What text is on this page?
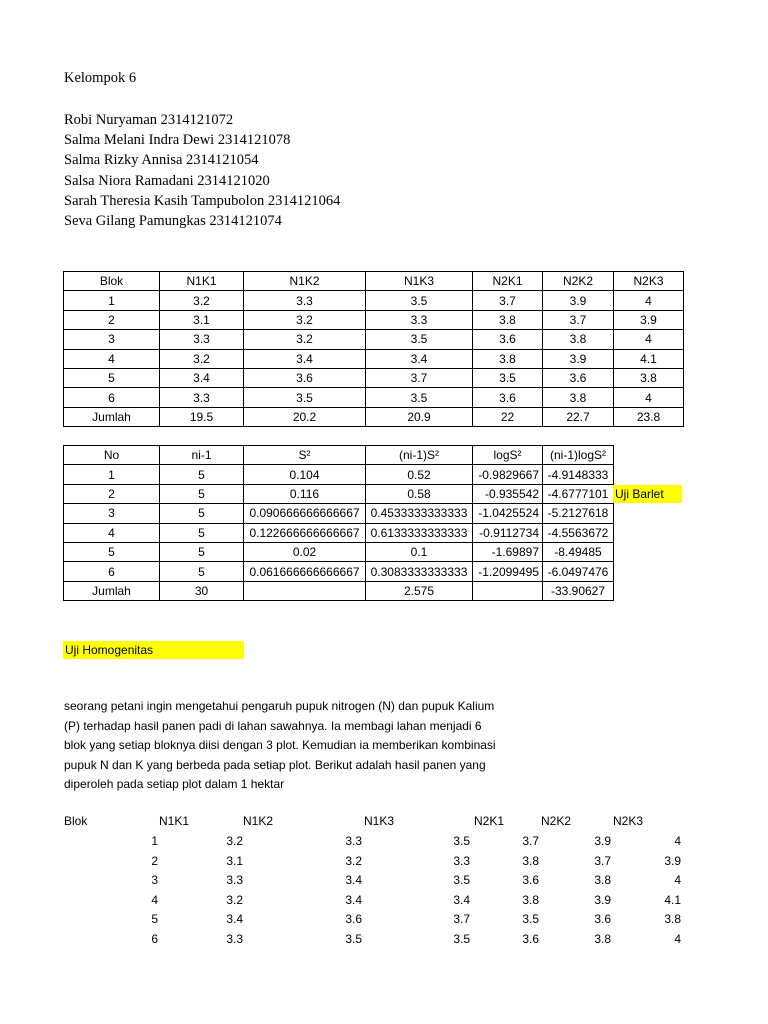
Kelompok 6
Robi Nuryaman 2314121072
Salma Melani Indra Dewi 2314121078
Salma Rizky Annisa 2314121054
Salsa Niora Ramadani 2314121020
Sarah Theresia Kasih Tampubolon 2314121064
Seva Gilang Pamungkas 2314121074
Blok	N1K1	N1K2	N1K3	N2K1	N2K2	N2K3
1	3.2	3.3	3.5	3.7	3.9	4
2	3.1	3.2	3.3	3.8	3.7	3.9
3	3.3	3.2	3.5	3.6	3.8	4
4	3.2	3.4	3.4	3.8	3.9	4.1
5	3.4	3.6	3.7	3.5	3.6	3.8
6	3.3	3.5	3.5	3.6	3.8	4
Jumlah	19.5	20.2	20.9	22	22.7	23.8
No	ni-1	S²	(ni-1)S²	logS²	(ni-1)logS²
1	5	0.104	0.52	-0.9829667	-4.9148333
2	5	0.116	0.58	-0.935542	-4.6777101
3	5	0.090666666666667	0.4533333333333	-1.0425524	-5.2127618
4	5	0.122666666666667	0.6133333333333	-0.9112734	-4.5563672
5	5	0.02	0.1	-1.69897	-8.49485
6	5	0.061666666666667	0.3083333333333	-1.2099495	-6.0497476
Jumlah	30		2.575		-33.90627
Uji Barlet
Uji Homogenitas
seorang petani ingin mengetahui pengaruh pupuk nitrogen (N) dan pupuk Kalium
(P) terhadap hasil panen padi di lahan sawahnya. Ia membagi lahan menjadi 6
blok yang setiap bloknya diisi dengan 3 plot. Kemudian ia memberikan kombinasi
pupuk N dan K yang berbeda pada setiap plot. Berikut adalah hasil panen yang
diperoleh pada setiap plot dalam 1 hektar
Blok	N1K1	N1K2	N1K3	N2K1	N2K2	N2K3
1	3.2	3.3	3.5	3.7	3.9	4
2	3.1	3.2	3.3	3.8	3.7	3.9
3	3.3	3.4	3.5	3.6	3.8	4
4	3.2	3.4	3.4	3.8	3.9	4.1
5	3.4	3.6	3.7	3.5	3.6	3.8
6	3.3	3.5	3.5	3.6	3.8	4
